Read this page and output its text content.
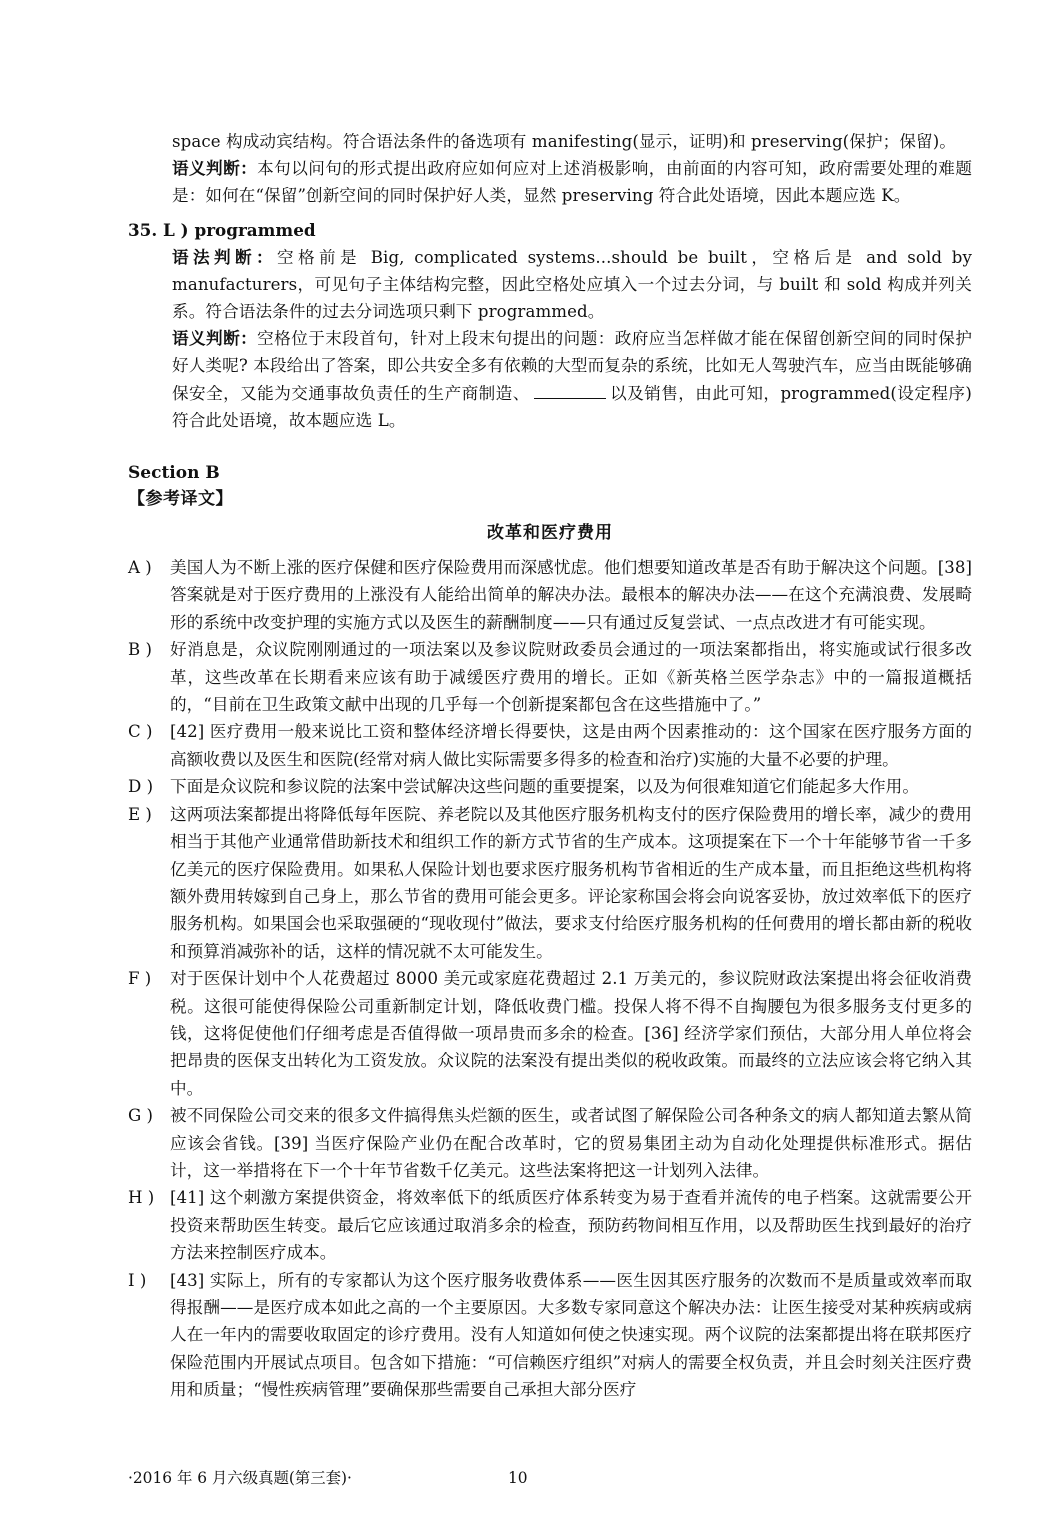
space 构成动宾结构。符合语法条件的备选项有 manifesting(显示，证明)和 preserving(保护；保留)。
语义判断：本句以问句的形式提出政府应如何应对上述消极影响，由前面的内容可知，政府需要处理的难题是：如何在“保留”创新空间的同时保护好人类，显然 preserving 符合此处语境，因此本题应选 K。
35. L ) programmed
语法判断：空格前是 Big, complicated systems...should be built，空格后是 and sold by manufacturers，可见句子主体结构完整，因此空格处应填入一个过去分词，与 built 和 sold 构成并列关系。符合语法条件的过去分词选项只剩下 programmed。
语义判断：空格位于末段首句，针对上段末句提出的问题：政府应当怎样做才能在保留创新空间的同时保护好人类呢? 本段给出了答案，即公共安全多有依赖的大型而复杂的系统，比如无人驾驶汽车，应当由既能够确保安全，又能为交通事故负责任的生产商制造、	以及销售，由此可知，programmed(设定程序)符合此处语境，故本题应选 L。
Section B
【参考译文】
改革和医疗费用
A )	美国人为不断上涨的医疗保健和医疗保险费用而深感忧虑。他们想要知道改革是否有助于解决这个问题。[38] 答案就是对于医疗费用的上涨没有人能给出简单的解决办法。最根本的解决办法——在这个充满浪费、发展畸形的系统中改变护理的实施方式以及医生的薪酬制度——只有通过反复尝试、一点点改进才有可能实现。
B )	好消息是，众议院刚刚通过的一项法案以及参议院财政委员会通过的一项法案都指出，将实施或试行很多改革，这些改革在长期看来应该有助于减缓医疗费用的增长。正如《新英格兰医学杂志》中的一篇报道概括的，“目前在卫生政策文献中出现的几乎每一个创新提案都包含在这些措施中了。”
C )	[42] 医疗费用一般来说比工资和整体经济增长得要快，这是由两个因素推动的：这个国家在医疗服务方面的高额收费以及医生和医院(经常对病人做比实际需要多得多的检查和治疗)实施的大量不必要的护理。
D )	下面是众议院和参议院的法案中尝试解决这些问题的重要提案，以及为何很难知道它们能起多大作用。
E )	这两项法案都提出将降低每年医院、养老院以及其他医疗服务机构支付的医疗保险费用的增长率，减少的费用相当于其他产业通常借助新技术和组织工作的新方式节省的生产成本。这项提案在下一个十年能够节省一千多亿美元的医疗保险费用。如果私人保险计划也要求医疗服务机构节省相近的生产成本量，而且拒绝这些机构将额外费用转嫁到自己身上，那么节省的费用可能会更多。评论家称国会将会向说客妥协，放过效率低下的医疗服务机构。如果国会也采取强硬的“现收现付”做法，要求支付给医疗服务机构的任何费用的增长都由新的税收和预算消减弥补的话，这样的情况就不太可能发生。
F )	对于医保计划中个人花费超过 8000 美元或家庭花费超过 2.1 万美元的，参议院财政法案提出将会征收消费税。这很可能使得保险公司重新制定计划，降低收费门槛。投保人将不得不自掏腰包为很多服务支付更多的钱，这将促使他们仔细考虑是否值得做一项昂贵而多余的检查。[36] 经济学家们预估，大部分用人单位将会把昂贵的医保支出转化为工资发放。众议院的法案没有提出类似的税收政策。而最终的立法应该会将它纳入其中。
G )	被不同保险公司交来的很多文件搞得焦头烂额的医生，或者试图了解保险公司各种条文的病人都知道去繁从简应该会省钱。[39] 当医疗保险产业仍在配合改革时，它的贸易集团主动为自动化处理提供标准形式。据估计，这一举措将在下一个十年节省数千亿美元。这些法案将把这一计划列入法律。
H ) [41] 这个刺激方案提供资金，将效率低下的纸质医疗体系转变为易于查看并流传的电子档案。这就需要公开投资来帮助医生转变。最后它应该通过取消多余的检查，预防药物间相互作用，以及帮助医生找到最好的治疗方法来控制医疗成本。
I )	[43] 实际上，所有的专家都认为这个医疗服务收费体系——医生因其医疗服务的次数而不是质量或效率而取得报酬——是医疗成本如此之高的一个主要原因。大多数专家同意这个解决办法：让医生接受对某种疾病或病人在一年内的需要收取固定的诊疗费用。没有人知道如何使之快速实现。两个议院的法案都提出将在联邦医疗保险范围内开展试点项目。包含如下措施：“可信赖医疗组织”对病人的需要全权负责，并且会时刻关注医疗费用和质量；“慢性疾病管理”要确保那些需要自己承担大部分医疗
·2016 年 6 月六级真题(第三套)·	10
